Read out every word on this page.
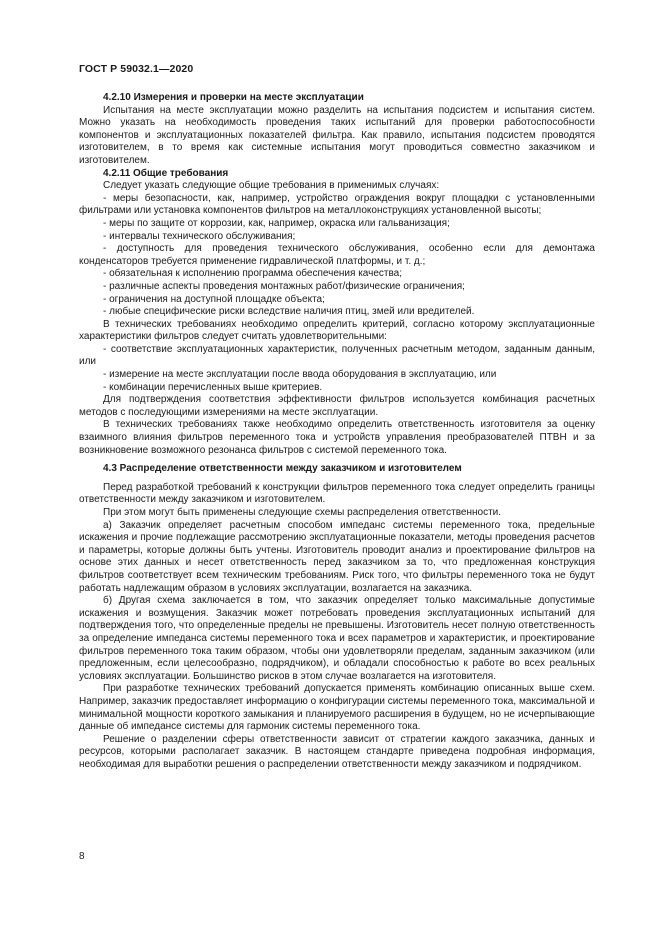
ГОСТ Р 59032.1—2020

4.2.10 Измерения и проверки на месте эксплуатации

Испытания на месте эксплуатации можно разделить на испытания подсистем и испытания систем. Можно указать на необходимость проведения таких испытаний для проверки работоспособности компонентов и эксплуатационных показателей фильтра. Как правило, испытания подсистем проводятся изготовителем, в то время как системные испытания могут проводиться совместно заказчиком и изготовителем.

4.2.11 Общие требования

Следует указать следующие общие требования в применимых случаях:

- меры безопасности, как, например, устройство ограждения вокруг площадки с установленными фильтрами или установка компонентов фильтров на металлоконструкциях установленной высоты;

- меры по защите от коррозии, как, например, окраска или гальванизация;

- интервалы технического обслуживания;

- доступность для проведения технического обслуживания, особенно если для демонтажа конденсаторов требуется применение гидравлической платформы, и т. д.;

- обязательная к исполнению программа обеспечения качества;

- различные аспекты проведения монтажных работ/физические ограничения;

- ограничения на доступной площадке объекта;

- любые специфические риски вследствие наличия птиц, змей или вредителей.

В технических требованиях необходимо определить критерий, согласно которому эксплуатационные характеристики фильтров следует считать удовлетворительными:

- соответствие эксплуатационных характеристик, полученных расчетным методом, заданным данным, или

- измерение на месте эксплуатации после ввода оборудования в эксплуатацию, или

- комбинации перечисленных выше критериев.

Для подтверждения соответствия эффективности фильтров используется комбинация расчетных методов с последующими измерениями на месте эксплуатации.

В технических требованиях также необходимо определить ответственность изготовителя за оценку взаимного влияния фильтров переменного тока и устройств управления преобразователей ПТВН и за возникновение возможного резонанса фильтров с системой переменного тока.

4.3 Распределение ответственности между заказчиком и изготовителем

Перед разработкой требований к конструкции фильтров переменного тока следует определить границы ответственности между заказчиком и изготовителем.

При этом могут быть применены следующие схемы распределения ответственности.

а) Заказчик определяет расчетным способом импеданс системы переменного тока, предельные искажения и прочие подлежащие рассмотрению эксплуатационные показатели, методы проведения расчетов и параметры, которые должны быть учтены. Изготовитель проводит анализ и проектирование фильтров на основе этих данных и несет ответственность перед заказчиком за то, что предложенная конструкция фильтров соответствует всем техническим требованиям. Риск того, что фильтры переменного тока не будут работать надлежащим образом в условиях эксплуатации, возлагается на заказчика.

б) Другая схема заключается в том, что заказчик определяет только максимальные допустимые искажения и возмущения. Заказчик может потребовать проведения эксплуатационных испытаний для подтверждения того, что определенные пределы не превышены. Изготовитель несет полную ответственность за определение импеданса системы переменного тока и всех параметров и характеристик, и проектирование фильтров переменного тока таким образом, чтобы они удовлетворяли пределам, заданным заказчиком (или предложенным, если целесообразно, подрядчиком), и обладали способностью к работе во всех реальных условиях эксплуатации. Большинство рисков в этом случае возлагается на изготовителя.

При разработке технических требований допускается применять комбинацию описанных выше схем. Например, заказчик предоставляет информацию о конфигурации системы переменного тока, максимальной и минимальной мощности короткого замыкания и планируемого расширения в будущем, но не исчерпывающие данные об импедансе системы для гармоник системы переменного тока.

Решение о разделении сферы ответственности зависит от стратегии каждого заказчика, данных и ресурсов, которыми располагает заказчик. В настоящем стандарте приведена подробная информация, необходимая для выработки решения о распределении ответственности между заказчиком и подрядчиком.

8
